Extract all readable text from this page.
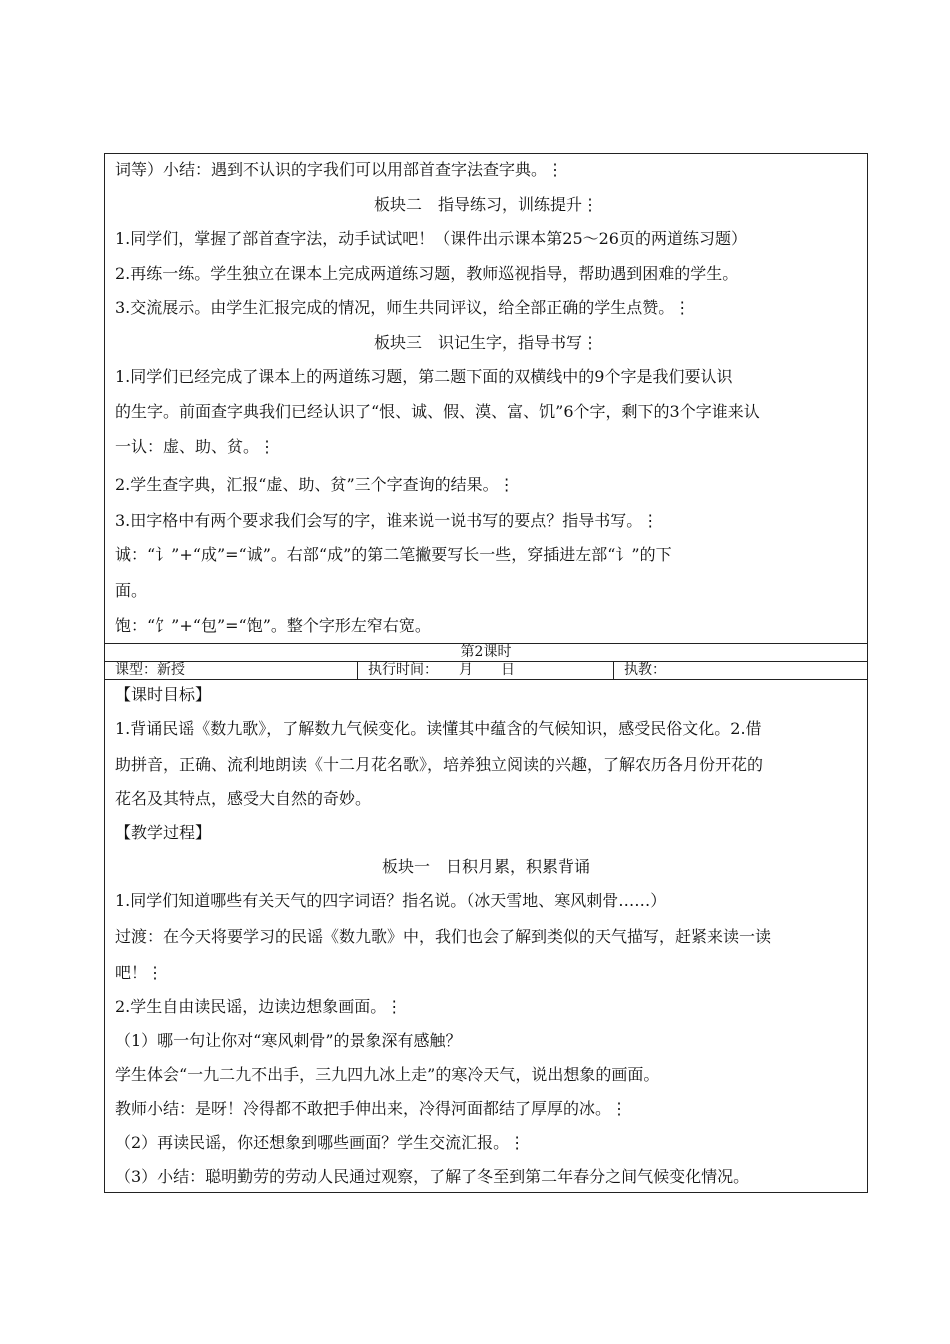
词等）小结：遇到不认识的字我们可以用部首查字法查字典。⋮
板块二　指导练习，训练提升⋮
1.同学们，掌握了部首查字法，动手试试吧！（课件出示课本第25～26页的两道练习题）
2.再练一练。学生独立在课本上完成两道练习题，教师巡视指导，帮助遇到困难的学生。
3.交流展示。由学生汇报完成的情况，师生共同评议，给全部正确的学生点赞。⋮
板块三　识记生字，指导书写⋮
1.同学们已经完成了课本上的两道练习题，第二题下面的双横线中的9个字是我们要认识
的生字。前面查字典我们已经认识了“恨、诚、假、漠、富、饥”6个字，剩下的3个字谁来认
一认：虚、助、贫。⋮
2.学生查字典，汇报“虚、助、贫”三个字查询的结果。⋮
3.田字格中有两个要求我们会写的字，谁来说一说书写的要点？指导书写。⋮
诚：“讠”+“成”=“诚”。右部“成”的第二笔撇要写长一些，穿插进左部“讠”的下
面。
饱：“饣”+“包”=“饱”。整个字形左窄右宽。
第2课时
课型：新授	执行时间：　　月　　日	执教：
【课时目标】
1.背诵民谣《数九歌》，了解数九气候变化。读懂其中蕴含的气候知识，感受民俗文化。2.借
助拼音，正确、流利地朗读《十二月花名歌》，培养独立阅读的兴趣，了解农历各月份开花的
花名及其特点，感受大自然的奇妙。
【教学过程】
板块一　日积月累，积累背诵
1.同学们知道哪些有关天气的四字词语？指名说。（冰天雪地、寒风刺骨……）
过渡：在今天将要学习的民谣《数九歌》中，我们也会了解到类似的天气描写，赶紧来读一读
吧！⋮
2.学生自由读民谣，边读边想象画面。⋮
（1）哪一句让你对“寒风刺骨”的景象深有感触？
学生体会“一九二九不出手，三九四九冰上走”的寒冷天气，说出想象的画面。
教师小结：是呀！冷得都不敢把手伸出来，冷得河面都结了厚厚的冰。⋮
（2）再读民谣，你还想象到哪些画面？学生交流汇报。⋮
（3）小结：聪明勤劳的劳动人民通过观察，了解了冬至到第二年春分之间气候变化情况。
